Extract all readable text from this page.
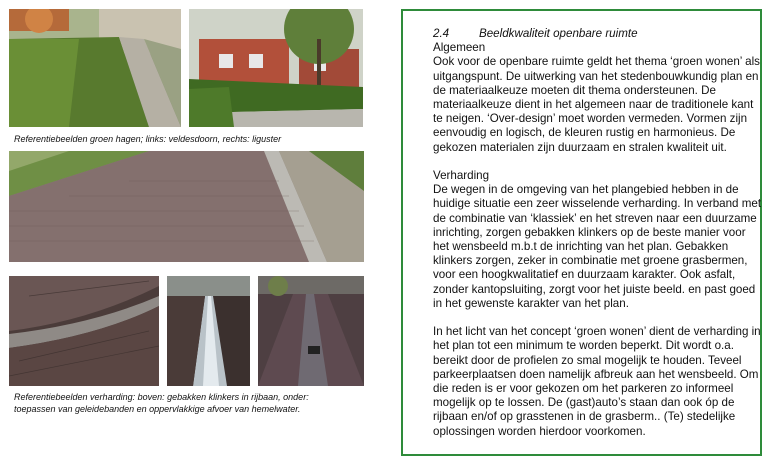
Referentiebeelden groen hagen; links: veldesdoorn, rechts: liguster
Referentiebeelden verharding: boven: gebakken klinkers in rijbaan, onder:
toepassen van geleidebanden en oppervlakkige afvoer van hemelwater.
2.4	Beeldkwaliteit openbare ruimte

Algemeen

Ook voor de openbare ruimte geldt het thema ‘groen wonen’ als uitgangspunt. De uitwerking van het stedenbouwkundig plan en de materiaalkeuze moeten dit thema ondersteunen. De materiaalkeuze dient in het algemeen naar de traditionele kant te neigen. ‘Over-design’ moet worden vermeden. Vormen zijn eenvoudig en logisch, de kleuren rustig en harmonieus. De gekozen materialen zijn duurzaam en stralen kwaliteit uit.

Verharding

De wegen in de omgeving van het plangebied hebben in de huidige situatie een zeer wisselende verharding. In verband met de combinatie van ‘klassiek’ en het streven naar een duurzame inrichting, zorgen gebakken klinkers op de beste manier voor het wensbeeld m.b.t de inrichting van het plan. Gebakken klinkers zorgen, zeker in combinatie met groene grasbermen, voor een hoogkwalitatief en duurzaam karakter. Ook asfalt, zonder kantopsluiting, zorgt voor het juiste beeld. en past goed in het gewenste karakter van het plan.

In het licht van het concept ‘groen wonen’ dient de verharding in het plan tot een minimum te worden beperkt. Dit wordt o.a. bereikt door de profielen zo smal mogelijk te houden. Teveel parkeerplaatsen doen namelijk afbreuk aan het wensbeeld. Om die reden is er voor gekozen om het parkeren zo informeel mogelijk op te lossen. De (gast)auto’s staan dan ook óp de rijbaan en/of op grasstenen in de grasberm.. (Te) stedelijke oplossingen worden hierdoor voorkomen.
